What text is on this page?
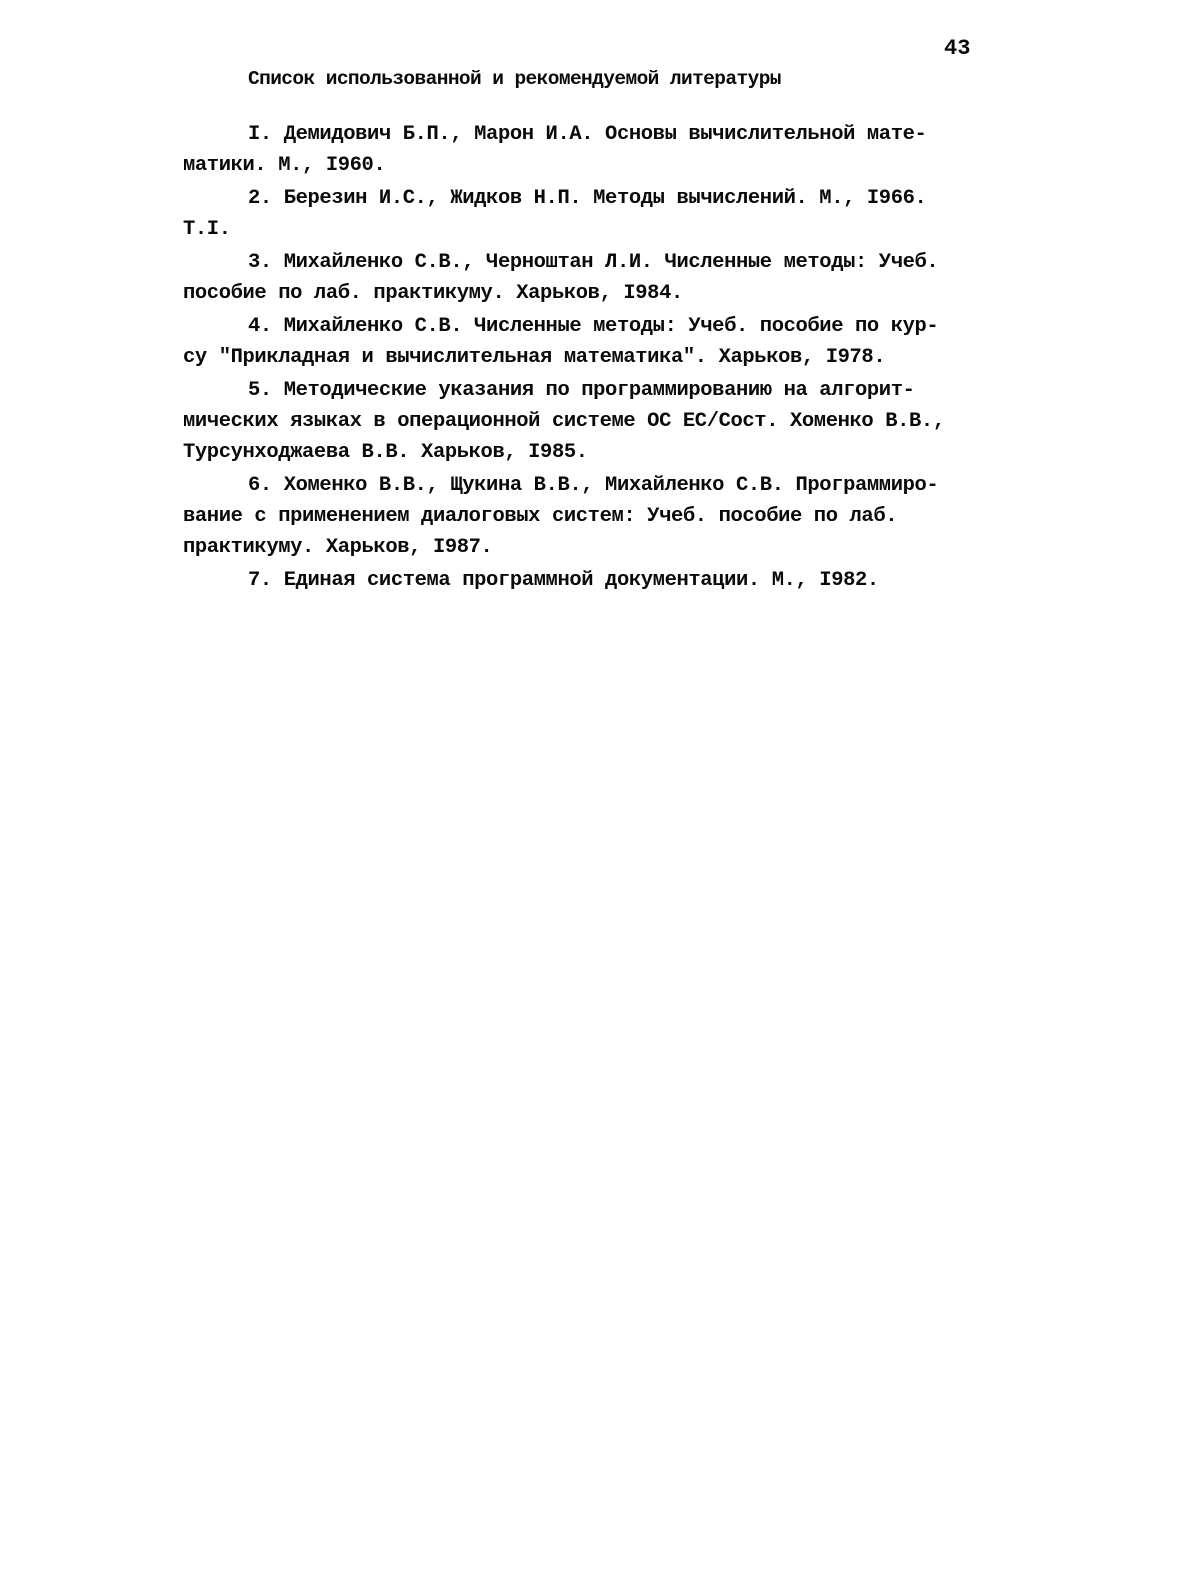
43
Список использованной и рекомендуемой литературы
I. Демидович Б.П., Марон И.А. Основы вычислительной мате-
матики. М., I960.
2. Березин И.С., Жидков Н.П. Методы вычислений. М., I966.
Т.I.
3. Михайленко С.В., Черноштан Л.И. Численные методы: Учеб.
пособие по лаб. практикуму. Харьков, I984.
4. Михайленко С.В. Численные методы: Учеб. пособие по кур-
су "Прикладная и вычислительная математика". Харьков, I978.
5. Методические указания по программированию на алгорит-
мических языках в операционной системе ОС ЕС/Сост. Хоменко В.В.,
Турсунходжаева В.В. Харьков, I985.
6. Хоменко В.В., Щукина В.В., Михайленко С.В. Программиро-
вание с применением диалоговых систем: Учеб. пособие по лаб.
практикуму. Харьков, I987.
7. Единая система программной документации. М., I982.
